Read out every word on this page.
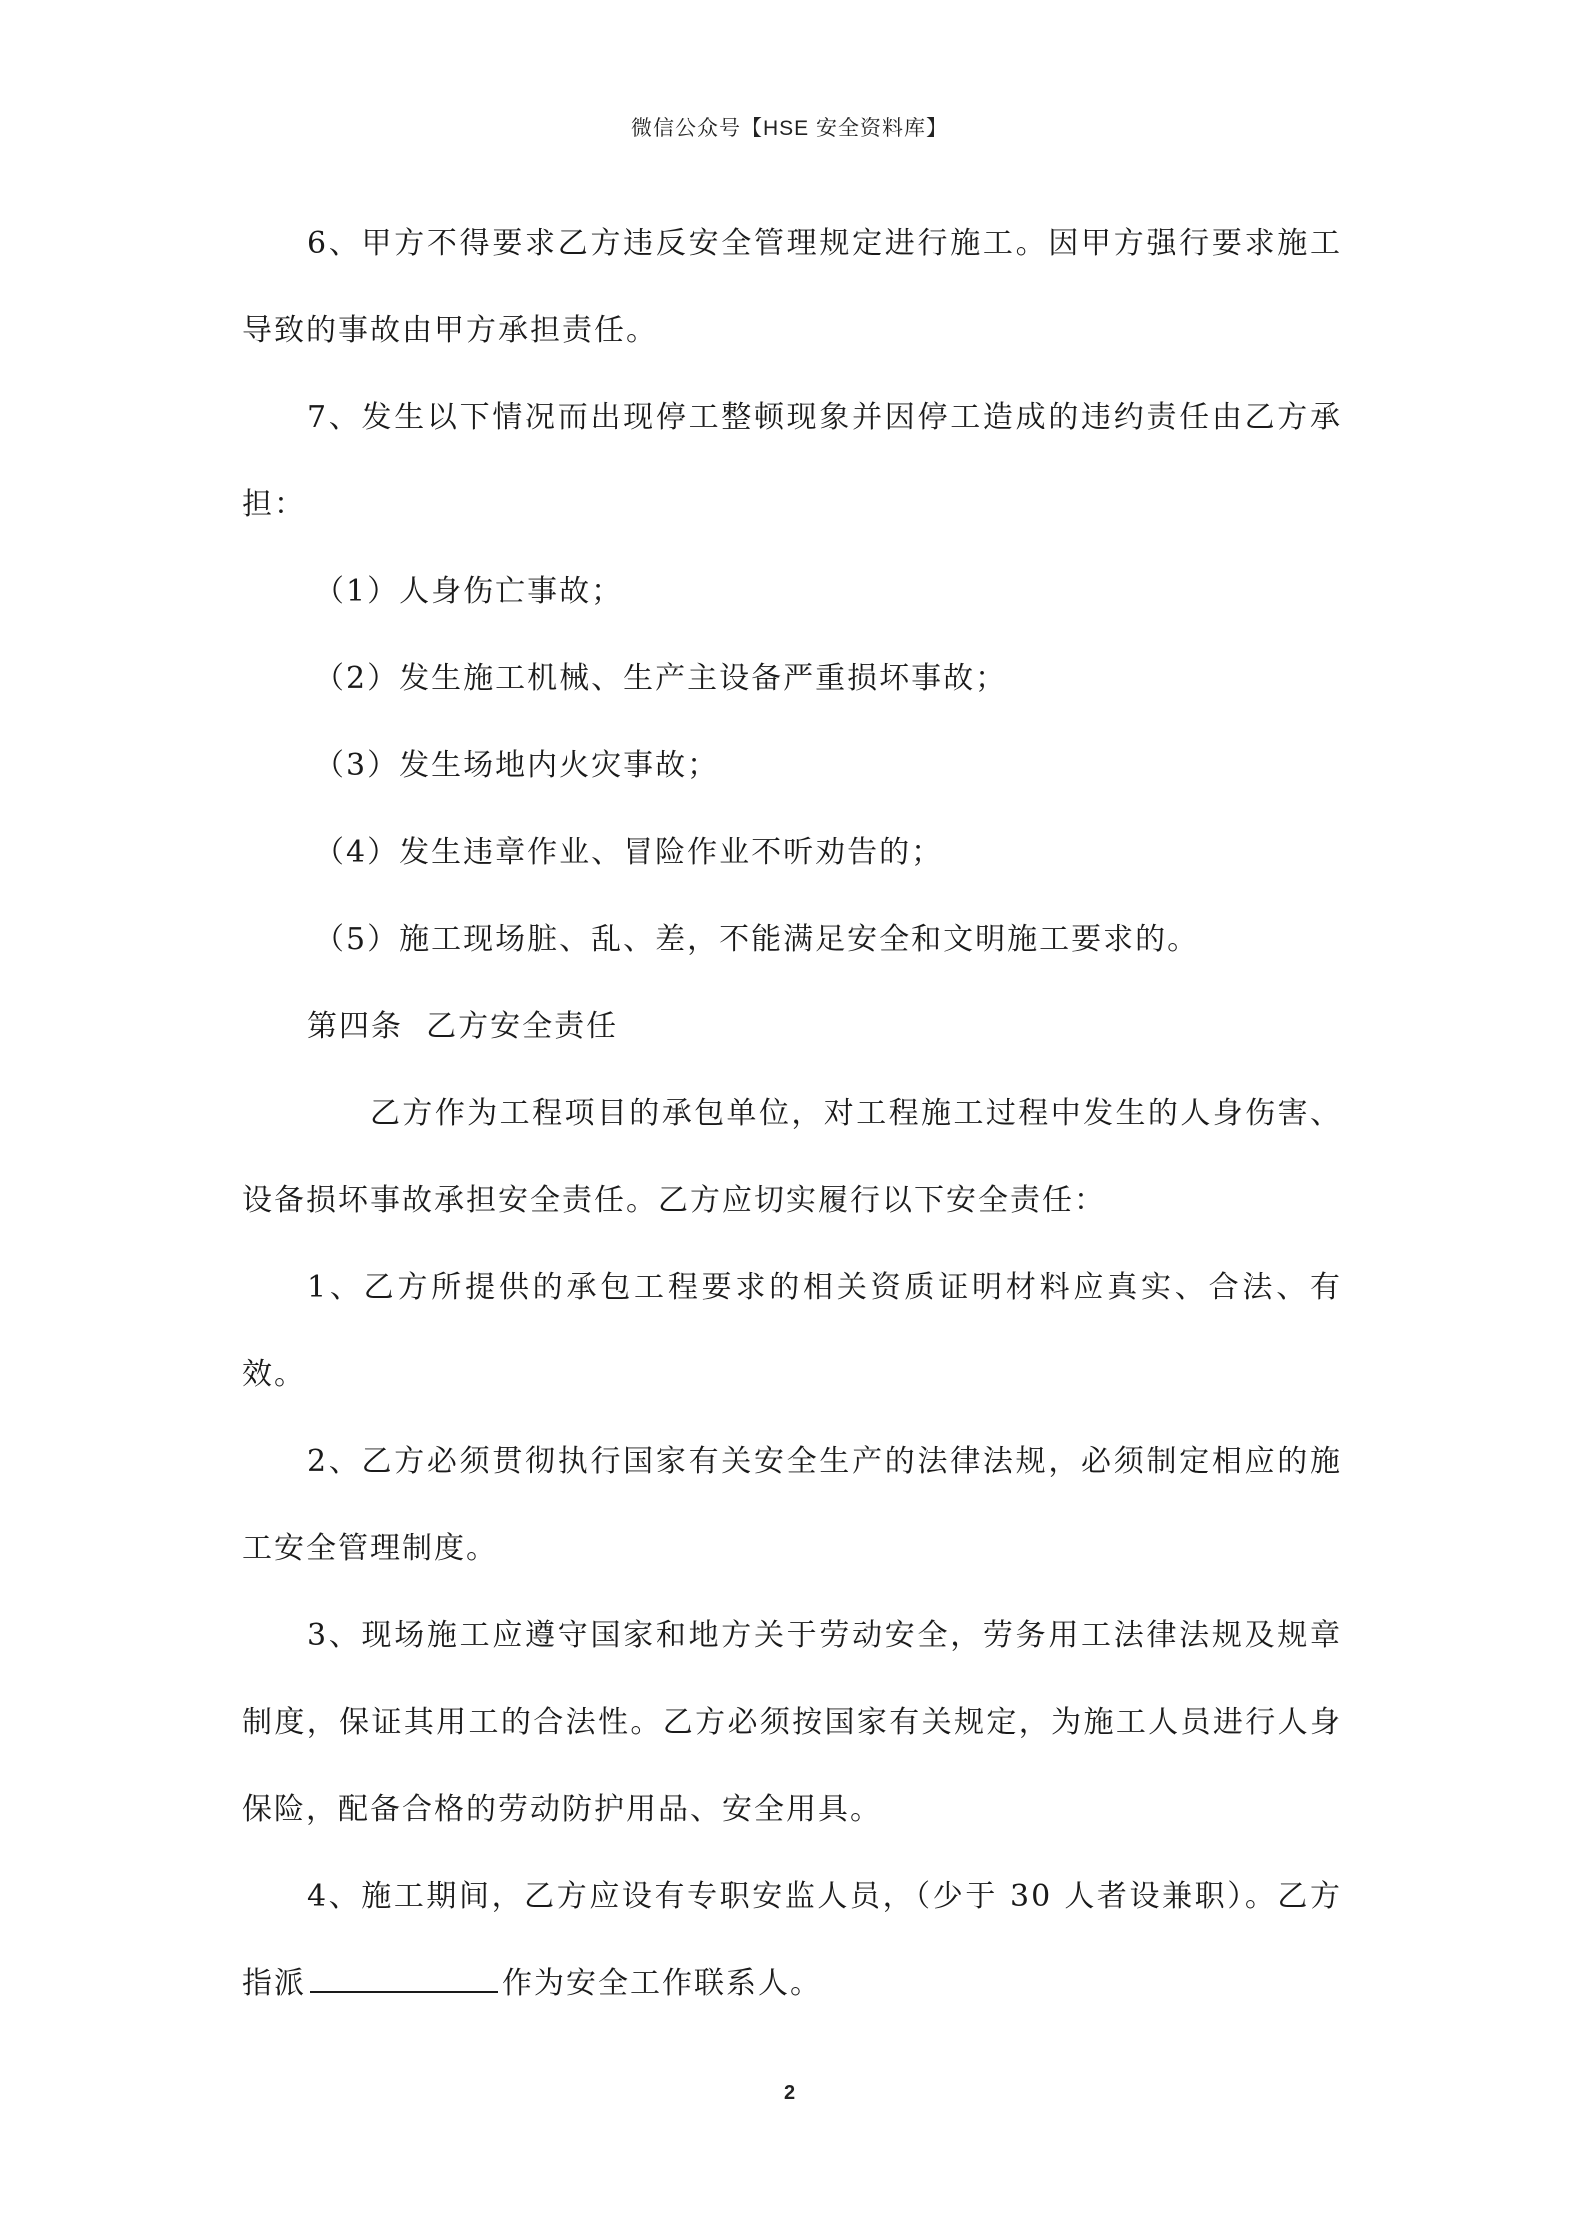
微信公众号【HSE 安全资料库】

6、甲方不得要求乙方违反安全管理规定进行施工。因甲方强行要求施工导致的事故由甲方承担责任。

7、发生以下情况而出现停工整顿现象并因停工造成的违约责任由乙方承担：

（1）人身伤亡事故；

（2）发生施工机械、生产主设备严重损坏事故；

（3）发生场地内火灾事故；

（4）发生违章作业、冒险作业不听劝告的；

（5）施工现场脏、乱、差，不能满足安全和文明施工要求的。

第四条  乙方安全责任

乙方作为工程项目的承包单位，对工程施工过程中发生的人身伤害、设备损坏事故承担安全责任。乙方应切实履行以下安全责任：

1、乙方所提供的承包工程要求的相关资质证明材料应真实、合法、有效。

2、乙方必须贯彻执行国家有关安全生产的法律法规，必须制定相应的施工安全管理制度。

3、现场施工应遵守国家和地方关于劳动安全，劳务用工法律法规及规章制度，保证其用工的合法性。乙方必须按国家有关规定，为施工人员进行人身保险，配备合格的劳动防护用品、安全用具。

4、施工期间，乙方应设有专职安监人员，（少于 30 人者设兼职）。乙方指派	作为安全工作联系人。

2
